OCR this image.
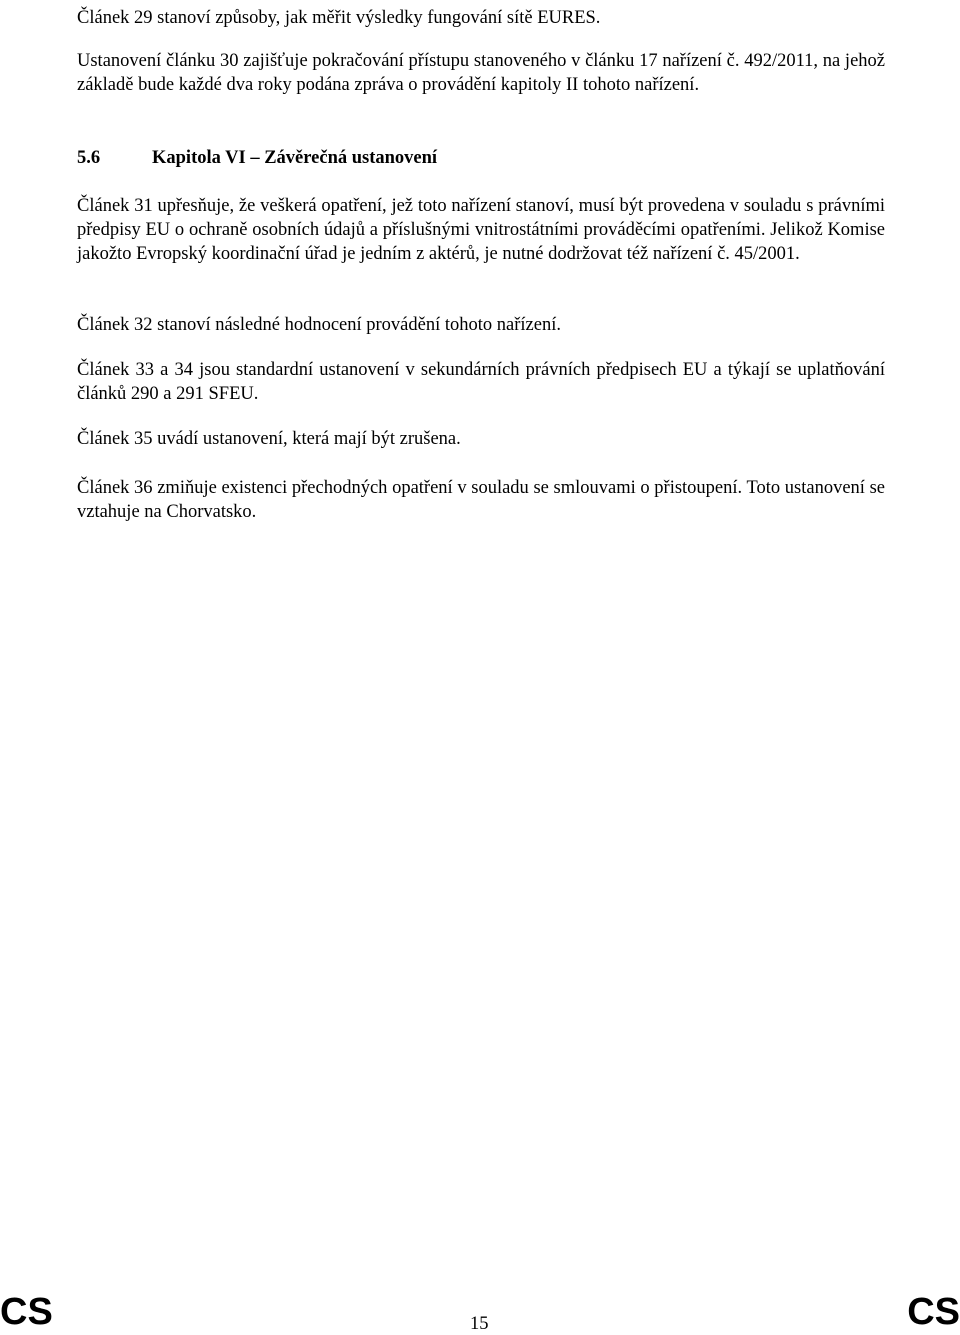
Článek 29 stanoví způsoby, jak měřit výsledky fungování sítě EURES.

Ustanovení článku 30 zajišťuje pokračování přístupu stanoveného v článku 17 nařízení č. 492/2011, na jehož základě bude každé dva roky podána zpráva o provádění kapitoly II tohoto nařízení.

5.6	Kapitola VI – Závěrečná ustanovení

Článek 31 upřesňuje, že veškerá opatření, jež toto nařízení stanoví, musí být provedena v souladu s právními předpisy EU o ochraně osobních údajů a příslušnými vnitrostátními prováděcími opatřeními. Jelikož Komise jakožto Evropský koordinační úřad je jedním z aktérů, je nutné dodržovat též nařízení č. 45/2001.

Článek 32 stanoví následné hodnocení provádění tohoto nařízení.

Článek 33 a 34 jsou standardní ustanovení v sekundárních právních předpisech EU a týkají se uplatňování článků 290 a 291 SFEU.

Článek 35 uvádí ustanovení, která mají být zrušena.

Článek 36 zmiňuje existenci přechodných opatření v souladu se smlouvami o přistoupení. Toto ustanovení se vztahuje na Chorvatsko.

CS	15	CS
